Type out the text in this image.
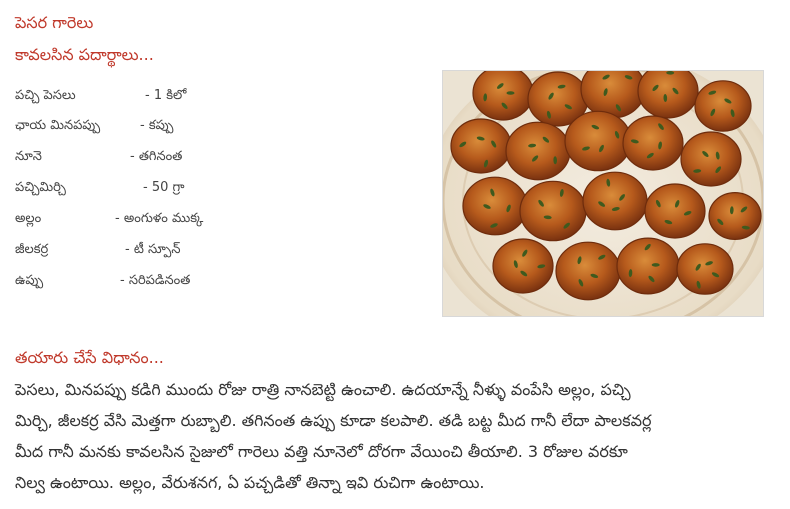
పెసర గారెలు
కావలసిన పదార్థాలు...
పచ్చి పెసలు	- 1 కిలో
ఛాయ మినపప్పు	- కప్పు
నూనె	- తగినంత
పచ్చిమిర్చి	- 50 గ్రా
అల్లం	- అంగుళం ముక్క
జీలకర్ర	- టీ స్పూన్
ఉప్పు	- సరిపడినంత
తయారు చేసే విధానం...
పెసలు, మినపప్పు కడిగి ముందు రోజు రాత్రి నానబెట్టి ఉంచాలి. ఉదయాన్నే నీళ్ళు వంపేసి అల్లం, పచ్చి
మిర్చి, జీలకర్ర వేసి మెత్తగా రుబ్బాలి. తగినంత ఉప్పు కూడా కలపాలి. తడి బట్ట మీద గానీ లేదా పాలకవర్ల
మీద గానీ మనకు కావలసిన సైజులో గారెలు వత్తి నూనెలో దోరగా వేయించి తీయాలి. 3 రోజుల వరకూ
నిల్వ ఉంటాయి. అల్లం, వేరుశనగ, ఏ పచ్చడితో తిన్నా ఇవి రుచిగా ఉంటాయి.
